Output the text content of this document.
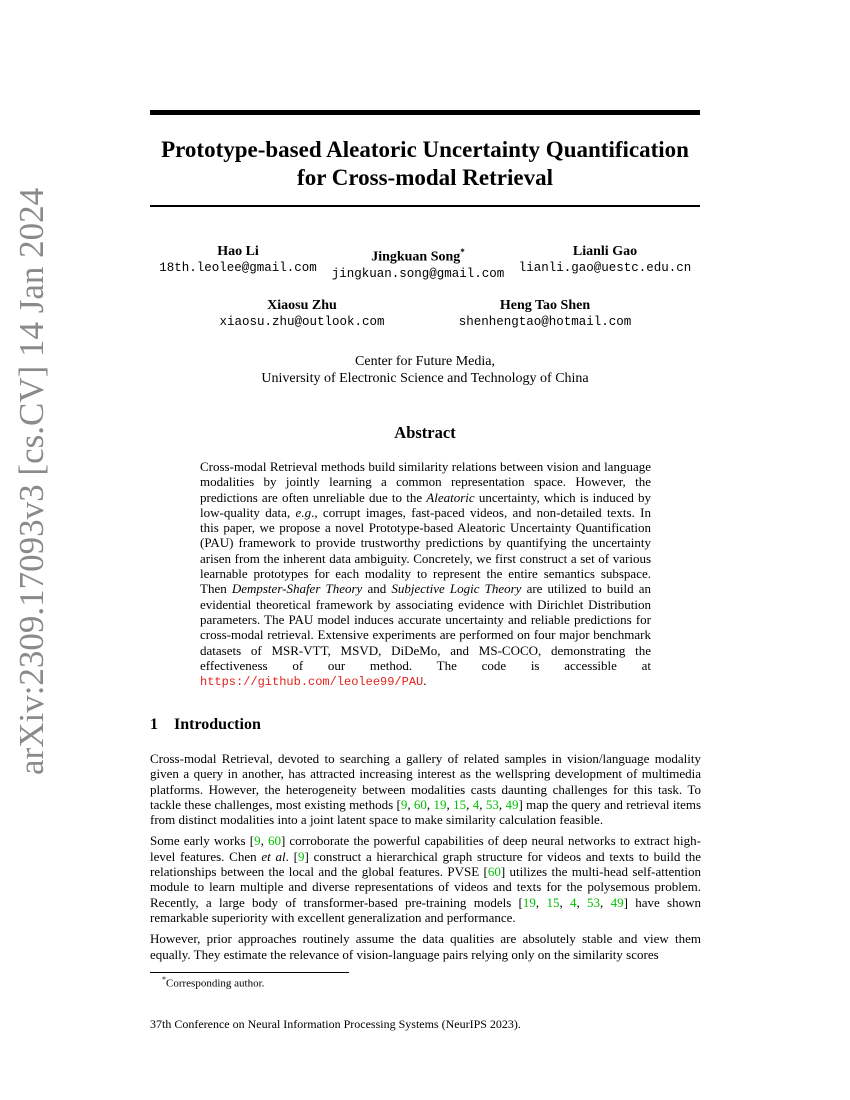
arXiv:2309.17093v3 [cs.CV] 14 Jan 2024
Prototype-based Aleatoric Uncertainty Quantification
for Cross-modal Retrieval
Hao Li
18th.leolee@gmail.com
Jingkuan Song*
jingkuan.song@gmail.com
Lianli Gao
lianli.gao@uestc.edu.cn
Xiaosu Zhu
xiaosu.zhu@outlook.com
Heng Tao Shen
shenhengtao@hotmail.com
Center for Future Media,
University of Electronic Science and Technology of China
Abstract

Cross-modal Retrieval methods build similarity relations between vision and language modalities by jointly learning a common representation space. However, the predictions are often unreliable due to the Aleatoric uncertainty, which is induced by low-quality data, e.g., corrupt images, fast-paced videos, and non-detailed texts. In this paper, we propose a novel Prototype-based Aleatoric Uncertainty Quantification (PAU) framework to provide trustworthy predictions by quantifying the uncertainty arisen from the inherent data ambiguity. Concretely, we first construct a set of various learnable prototypes for each modality to represent the entire semantics subspace. Then Dempster-Shafer Theory and Subjective Logic Theory are utilized to build an evidential theoretical framework by associating evidence with Dirichlet Distribution parameters. The PAU model induces accurate uncertainty and reliable predictions for cross-modal retrieval. Extensive experiments are performed on four major benchmark datasets of MSR-VTT, MSVD, DiDeMo, and MS-COCO, demonstrating the effectiveness of our method. The code is accessible at https://github.com/leolee99/PAU.

1 Introduction

Cross-modal Retrieval, devoted to searching a gallery of related samples in vision/language modality given a query in another, has attracted increasing interest as the wellspring development of multimedia platforms. However, the heterogeneity between modalities casts daunting challenges for this task. To tackle these challenges, most existing methods [9, 60, 19, 15, 4, 53, 49] map the query and retrieval items from distinct modalities into a joint latent space to make similarity calculation feasible.

Some early works [9, 60] corroborate the powerful capabilities of deep neural networks to extract high-level features. Chen et al. [9] construct a hierarchical graph structure for videos and texts to build the relationships between the local and the global features. PVSE [60] utilizes the multi-head self-attention module to learn multiple and diverse representations of videos and texts for the polysemous problem. Recently, a large body of transformer-based pre-training models [19, 15, 4, 53, 49] have shown remarkable superiority with excellent generalization and performance.

However, prior approaches routinely assume the data qualities are absolutely stable and view them equally. They estimate the relevance of vision-language pairs relying only on the similarity scores

*Corresponding author.
37th Conference on Neural Information Processing Systems (NeurIPS 2023).
